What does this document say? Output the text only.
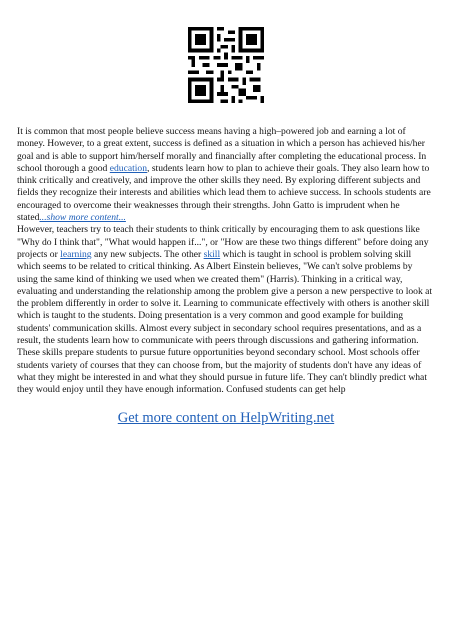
It is common that most people believe success means having a high–powered job and earning a lot of money. However, to a great extent, success is defined as a situation in which a person has achieved his/her goal and is able to support him/herself morally and financially after completing the educational process. In school thorough a good education, students learn how to plan to achieve their goals. They also learn how to think critically and creatively, and improve the other skills they need. By exploring different subjects and fields they recognize their interests and abilities which lead them to achieve success. In schools students are encouraged to overcome their weaknesses through their strengths. John Gatto is imprudent when he stated...show more content...

However, teachers try to teach their students to think critically by encouraging them to ask questions like "Why do I think that", "What would happen if...", or "How are these two things different" before doing any projects or learning any new subjects. The other skill which is taught in school is problem solving skill which seems to be related to critical thinking. As Albert Einstein believes, "We can't solve problems by using the same kind of thinking we used when we created them" (Harris). Thinking in a critical way, evaluating and understanding the relationship among the problem give a person a new perspective to look at the problem differently in order to solve it. Learning to communicate effectively with others is another skill which is taught to the students. Doing presentation is a very common and good example for building students' communication skills. Almost every subject in secondary school requires presentations, and as a result, the students learn how to communicate with peers through discussions and gathering information. These skills prepare students to pursue future opportunities beyond secondary school. Most schools offer students variety of courses that they can choose from, but the majority of students don't have any ideas of what they might be interested in and what they should pursue in future life. They can't blindly predict what they would enjoy until they have enough information. Confused students can get help

Get more content on HelpWriting.net
